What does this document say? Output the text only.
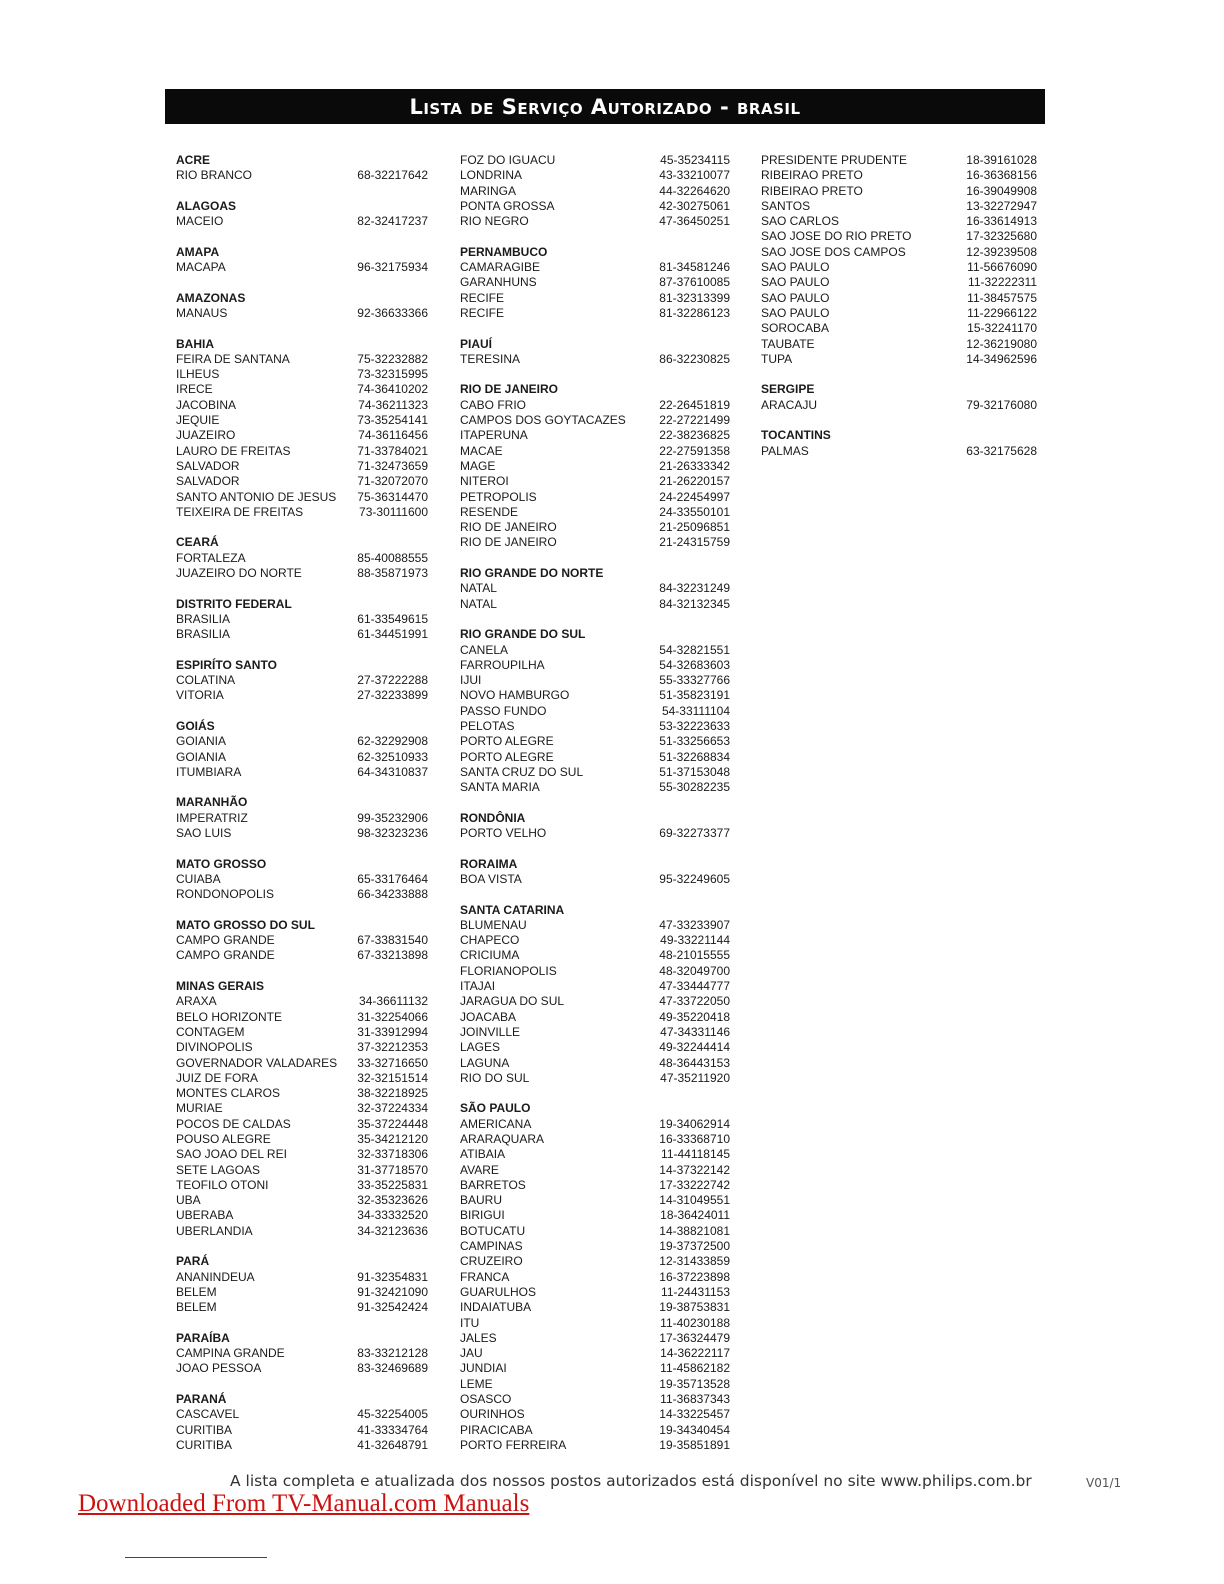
Lista de Serviço Autorizado - brasil
ACRE
RIO BRANCO	68-32217642
ALAGOAS
MACEIO	82-32417237
AMAPA
MACAPA	96-32175934
AMAZONAS
MANAUS	92-36633366
BAHIA
FEIRA DE SANTANA	75-32232882
ILHEUS	73-32315995
IRECE	74-36410202
JACOBINA	74-36211323
JEQUIE	73-35254141
JUAZEIRO	74-36116456
LAURO DE FREITAS	71-33784021
SALVADOR	71-32473659
SALVADOR	71-32072070
SANTO ANTONIO DE JESUS 75-36314470
TEIXEIRA DE FREITAS	73-30111600
CEARÁ
FORTALEZA	85-40088555
JUAZEIRO DO NORTE	88-35871973
DISTRITO FEDERAL
BRASILIA	61-33549615
BRASILIA	61-34451991
ESPIRÍTO SANTO
COLATINA	27-37222288
VITORIA	27-32233899
GOIÁS
GOIANIA	62-32292908
GOIANIA	62-32510933
ITUMBIARA	64-34310837
MARANHÃO
IMPERATRIZ	99-35232906
SAO LUIS	98-32323236
MATO GROSSO
CUIABA	65-33176464
RONDONOPOLIS	66-34233888
MATO GROSSO DO SUL
CAMPO GRANDE	67-33831540
CAMPO GRANDE	67-33213898
MINAS GERAIS
ARAXA	34-36611132
BELO HORIZONTE	31-32254066
CONTAGEM	31-33912994
DIVINOPOLIS	37-32212353
GOVERNADOR VALADARES 33-32716650
JUIZ DE FORA	32-32151514
MONTES CLAROS	38-32218925
MURIAE	32-37224334
POCOS DE CALDAS	35-37224448
POUSO ALEGRE	35-34212120
SAO JOAO DEL REI	32-33718306
SETE LAGOAS	31-37718570
TEOFILO OTONI	33-35225831
UBA	32-35323626
UBERABA	34-33332520
UBERLANDIA	34-32123636
PARÁ
ANANINDEUA	91-32354831
BELEM	91-32421090
BELEM	91-32542424
PARAÍBA
CAMPINA GRANDE	83-33212128
JOAO PESSOA	83-32469689
PARANÁ
CASCAVEL	45-32254005
CURITIBA	41-33334764
CURITIBA	41-32648791
FOZ DO IGUACU	45-35234115
LONDRINA	43-33210077
MARINGA	44-32264620
PONTA GROSSA	42-30275061
RIO NEGRO	47-36450251
PERNAMBUCO
CAMARAGIBE	81-34581246
GARANHUNS	87-37610085
RECIFE	81-32313399
RECIFE	81-32286123
PIAUÍ
TERESINA	86-32230825
RIO DE JANEIRO
CABO FRIO	22-26451819
CAMPOS DOS GOYTACAZES	22-27221499
ITAPERUNA	22-38236825
MACAE	22-27591358
MAGE	21-26333342
NITEROI	21-26220157
PETROPOLIS	24-22454997
RESENDE	24-33550101
RIO DE JANEIRO	21-25096851
RIO DE JANEIRO	21-24315759
RIO GRANDE DO NORTE
NATAL	84-32231249
NATAL	84-32132345
RIO GRANDE DO SUL
CANELA	54-32821551
FARROUPILHA	54-32683603
IJUI	55-33327766
NOVO HAMBURGO	51-35823191
PASSO FUNDO	54-33111104
PELOTAS	53-32223633
PORTO ALEGRE	51-33256653
PORTO ALEGRE	51-32268834
SANTA CRUZ DO SUL	51-37153048
SANTA MARIA	55-30282235
RONDÔNIA
PORTO VELHO	69-32273377
RORAIMA
BOA VISTA	95-32249605
SANTA CATARINA
BLUMENAU	47-33233907
CHAPECO	49-33221144
CRICIUMA	48-21015555
FLORIANOPOLIS	48-32049700
ITAJAI	47-33444777
JARAGUA DO SUL	47-33722050
JOACABA	49-35220418
JOINVILLE	47-34331146
LAGES	49-32244414
LAGUNA	48-36443153
RIO DO SUL	47-35211920
SÃO PAULO
AMERICANA	19-34062914
ARARAQUARA	16-33368710
ATIBAIA	11-44118145
AVARE	14-37322142
BARRETOS	17-33222742
BAURU	14-31049551
BIRIGUI	18-36424011
BOTUCATU	14-38821081
CAMPINAS	19-37372500
CRUZEIRO	12-31433859
FRANCA	16-37223898
GUARULHOS	11-24431153
INDAIATUBA	19-38753831
ITU	11-40230188
JALES	17-36324479
JAU	14-36222117
JUNDIAI	11-45862182
LEME	19-35713528
OSASCO	11-36837343
OURINHOS	14-33225457
PIRACICABA	19-34340454
PORTO FERREIRA	19-35851891
PRESIDENTE PRUDENTE	18-39161028
RIBEIRAO PRETO	16-36368156
RIBEIRAO PRETO	16-39049908
SANTOS	13-32272947
SAO CARLOS	16-33614913
SAO JOSE DO RIO PRETO	17-32325680
SAO JOSE DOS CAMPOS	12-39239508
SAO PAULO	11-56676090
SAO PAULO	11-32222311
SAO PAULO	11-38457575
SAO PAULO	11-22966122
SOROCABA	15-32241170
TAUBATE	12-36219080
TUPA	14-34962596
SERGIPE
ARACAJU	79-32176080
TOCANTINS
PALMAS	63-32175628
A lista completa e atualizada dos nossos postos autorizados está disponível no site www.philips.com.br	V01/1
Downloaded From TV-Manual.com Manuals
